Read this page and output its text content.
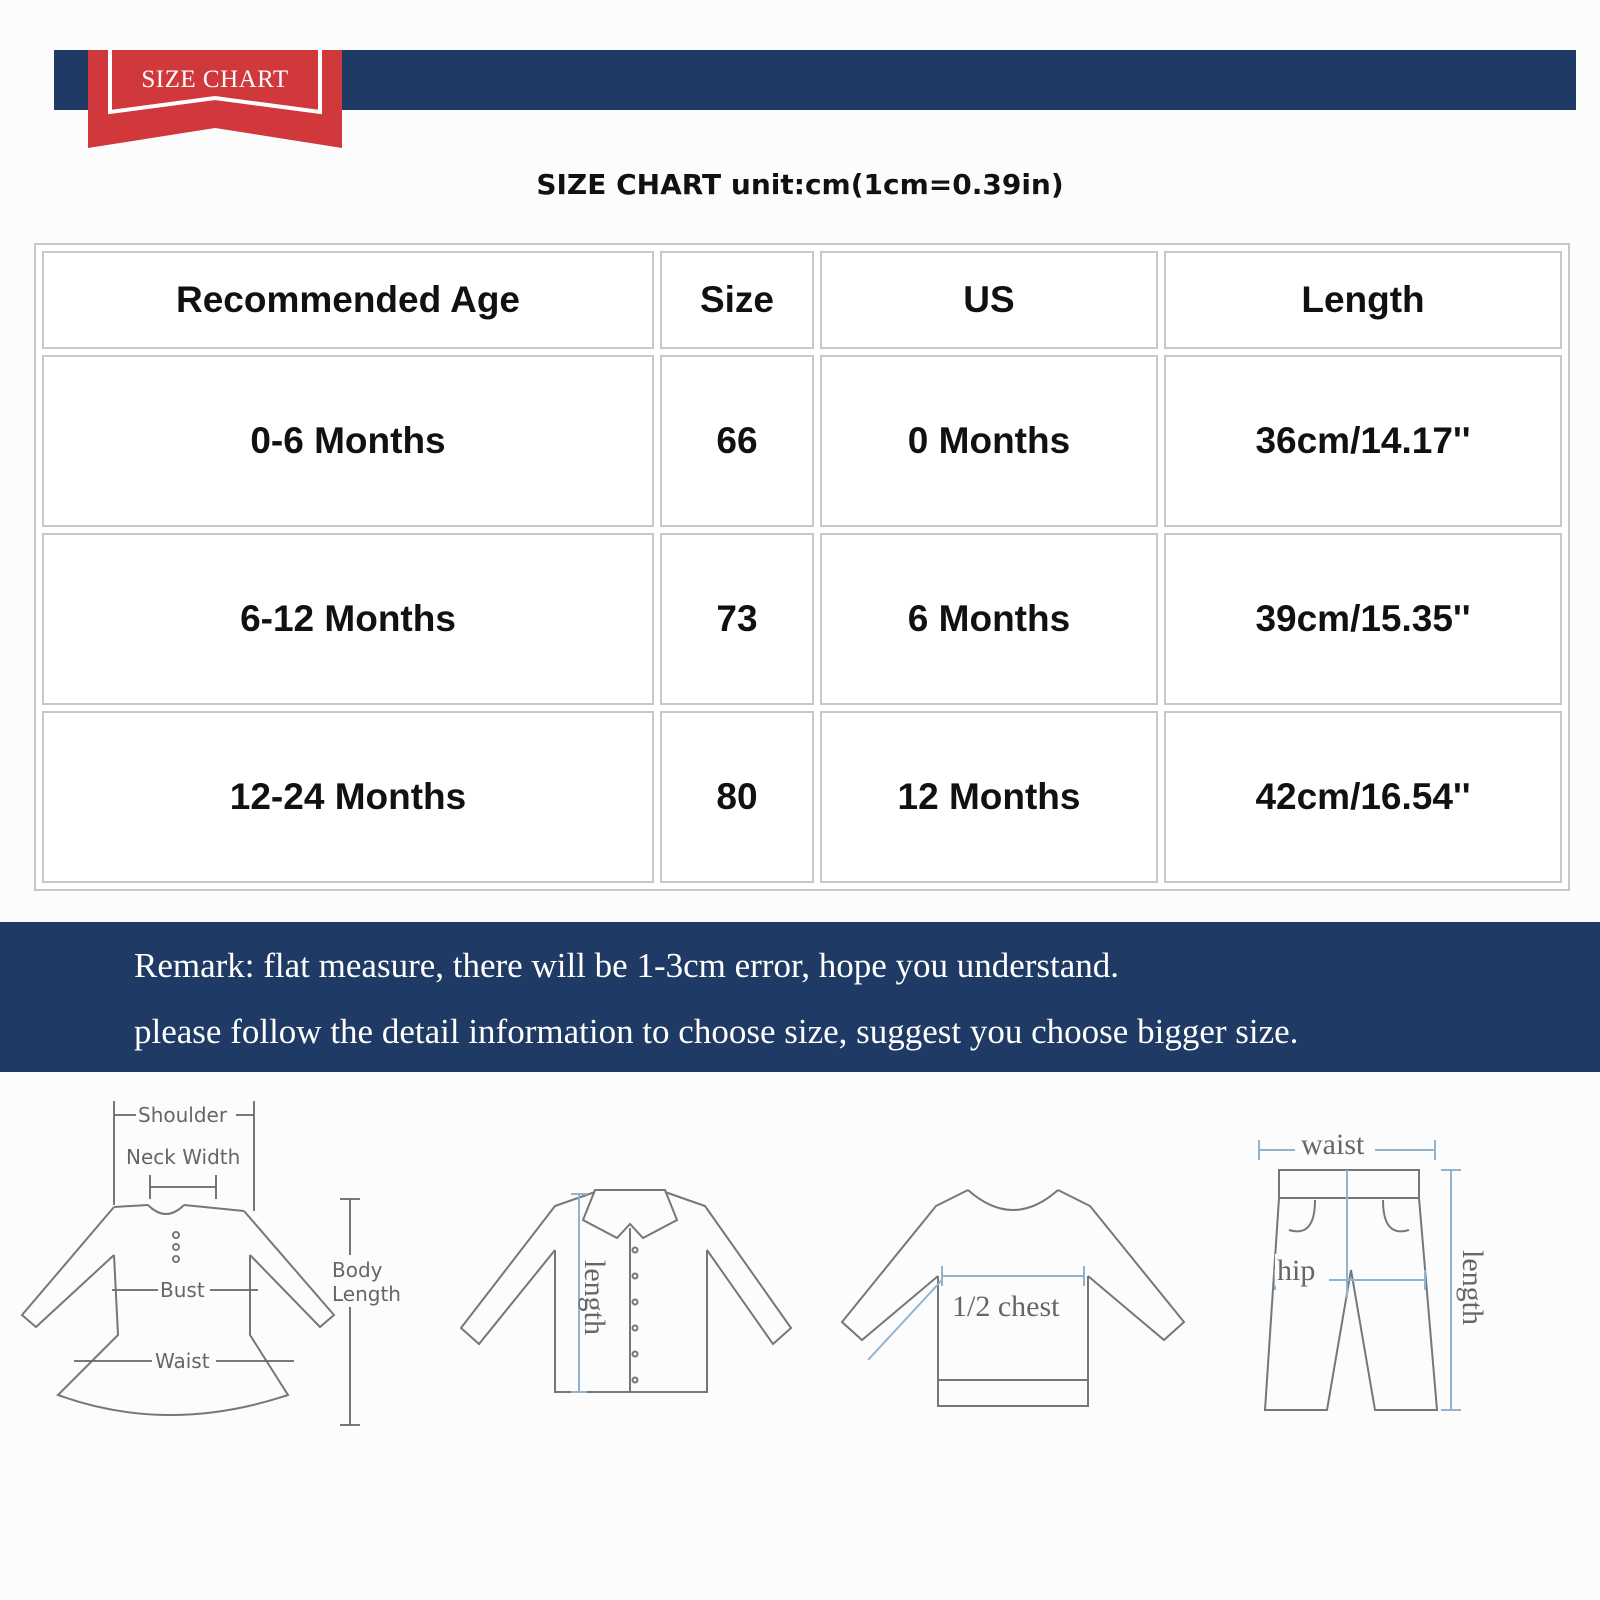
SIZE CHART
SIZE CHART unit:cm(1cm=0.39in)
Recommended Age	Size	US	Length
0-6 Months	66	0 Months	36cm/14.17''
6-12 Months	73	6 Months	39cm/15.35''
12-24 Months	80	12 Months	42cm/16.54''
Remark: flat measure, there will be 1-3cm error, hope you understand.
please follow the detail information to choose size, suggest you choose bigger size.
Shoulder
Neck Width
Bust
Waist
Body
Length	length	1/2 chest
waist
hip	length
